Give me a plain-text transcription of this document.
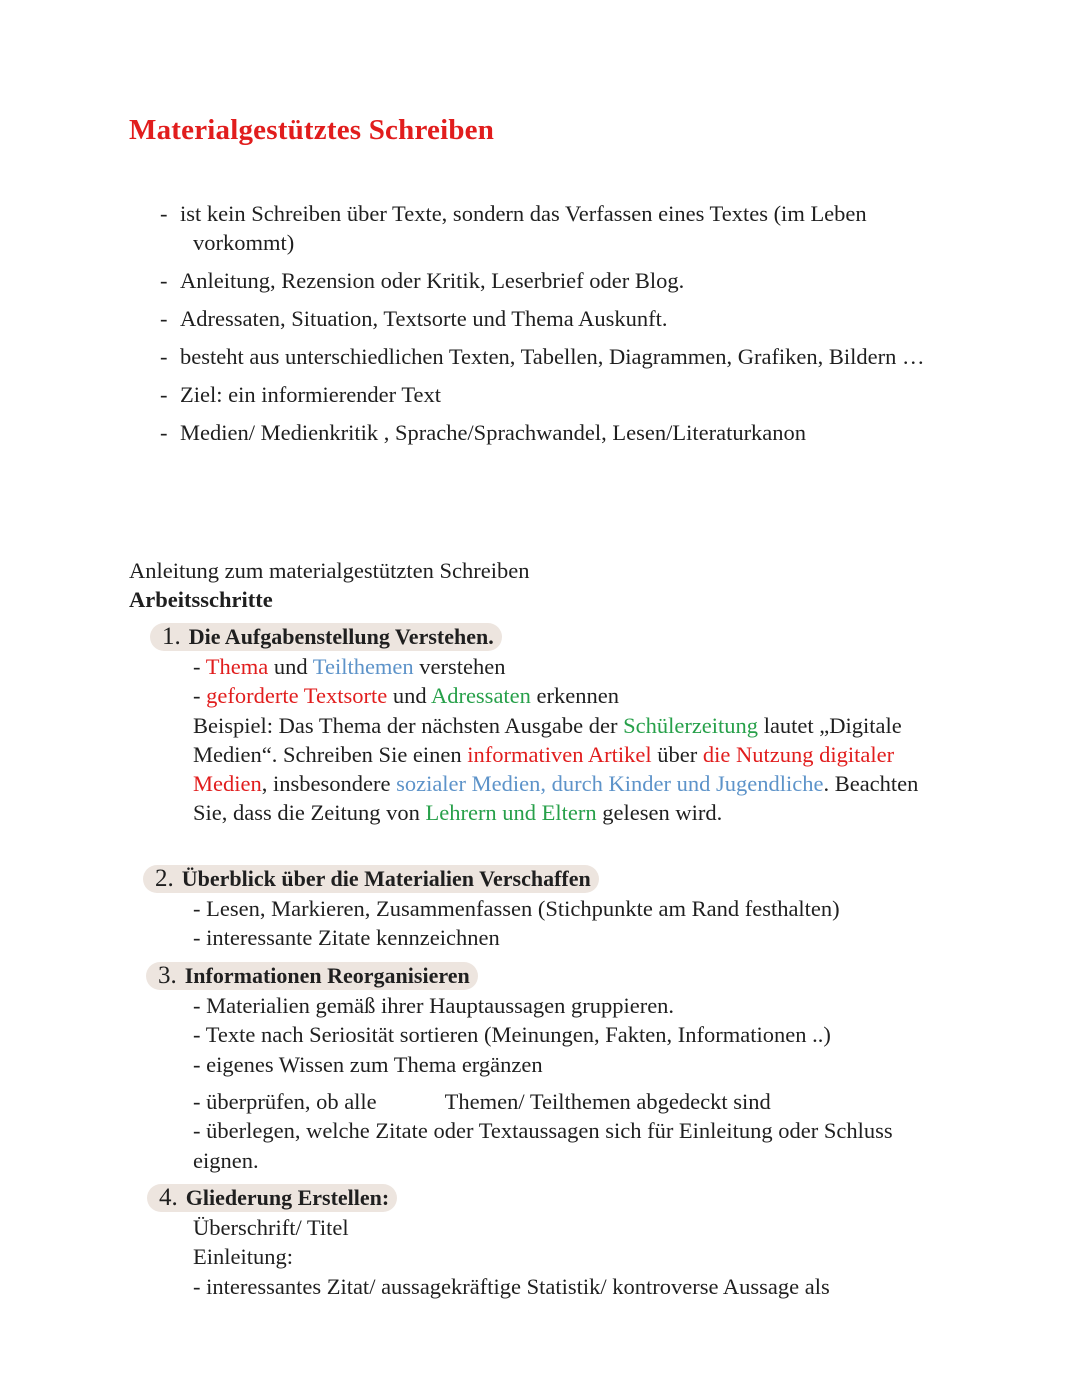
Materialgestütztes Schreiben
- ist kein Schreiben über Texte, sondern das Verfassen eines Textes (im Leben vorkommt)
- Anleitung, Rezension oder Kritik, Leserbrief oder Blog.
- Adressaten, Situation, Textsorte und Thema Auskunft.
- besteht aus unterschiedlichen Texten, Tabellen, Diagrammen, Grafiken, Bildern …
- Ziel: ein informierender Text
- Medien/ Medienkritik , Sprache/Sprachwandel, Lesen/Literaturkanon

Anleitung zum materialgestützten Schreiben

Arbeitsschritte

1. Die Aufgabenstellung Verstehen.
- Thema und Teilthemen verstehen
- geforderte Textsorte und Adressaten erkennen
Beispiel: Das Thema der nächsten Ausgabe der Schülerzeitung lautet „Digitale Medien“. Schreiben Sie einen informativen Artikel über die Nutzung digitaler Medien, insbesondere sozialer Medien, durch Kinder und Jugendliche. Beachten Sie, dass die Zeitung von Lehrern und Eltern gelesen wird.
2. Überblick über die Materialien Verschaffen
- Lesen, Markieren, Zusammenfassen (Stichpunkte am Rand festhalten)
- interessante Zitate kennzeichnen
3. Informationen Reorganisieren
- Materialien gemäß ihrer Hauptaussagen gruppieren.
- Texte nach Seriosität sortieren (Meinungen, Fakten, Informationen ..)
- eigenes Wissen zum Thema ergänzen
- überprüfen, ob alle	Themen/ Teilthemen abgedeckt sind
- überlegen, welche Zitate oder Textaussagen sich für Einleitung oder Schluss eignen.
4. Gliederung Erstellen:
Überschrift/ Titel
Einleitung:
- interessantes Zitat/ aussagekräftige Statistik/ kontroverse Aussage als
